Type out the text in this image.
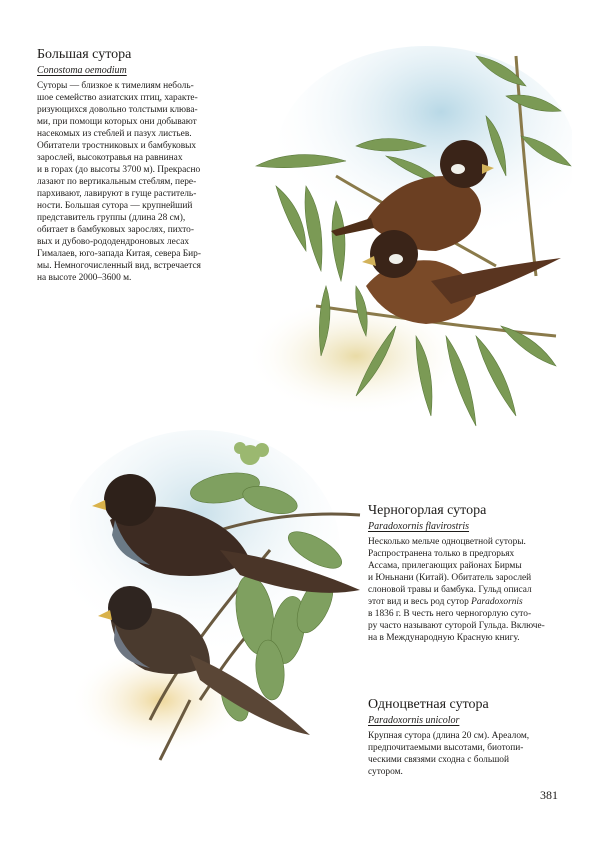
Большая сутора
Conostoma oemodium
Суторы — близкое к тимелиям неболь-
шое семейство азиатских птиц, характе-
ризующихся довольно толстыми клюва-
ми, при помощи которых они добывают
насекомых из стеблей и пазух листьев.
Обитатели тростниковых и бамбуковых
зарослей, высокотравья на равнинах
и в горах (до высоты 3700 м). Прекрасно
лазают по вертикальным стеблям, пере-
пархивают, лавируют в гуще раститель-
ности. Большая сутора — крупнейший
представитель группы (длина 28 см),
обитает в бамбуковых зарослях, пихто-
вых и дубово-рододендроновых лесах
Гималаев, юго-запада Китая, севера Бир-
мы. Немногочисленный вид, встречается
на высоте 2000–3600 м.
Черногорлая сутора
Paradoxornis flavirostris
Несколько мельче одноцветной суторы.
Распространена только в предгорьях
Ассама, прилегающих районах Бирмы
и Юньнани (Китай). Обитатель зарослей
слоновой травы и бамбука. Гульд описал
этот вид и весь род сутор Paradoxornis
в 1836 г. В честь него черногорлую суто-
ру часто называют суторой Гульда. Включе-
на в Международную Красную книгу.
Одноцветная сутора
Paradoxornis unicolor
Крупная сутора (длина 20 см). Ареалом,
предпочитаемыми высотами, биотопи-
ческими связями сходна с большой
сутором.
381
